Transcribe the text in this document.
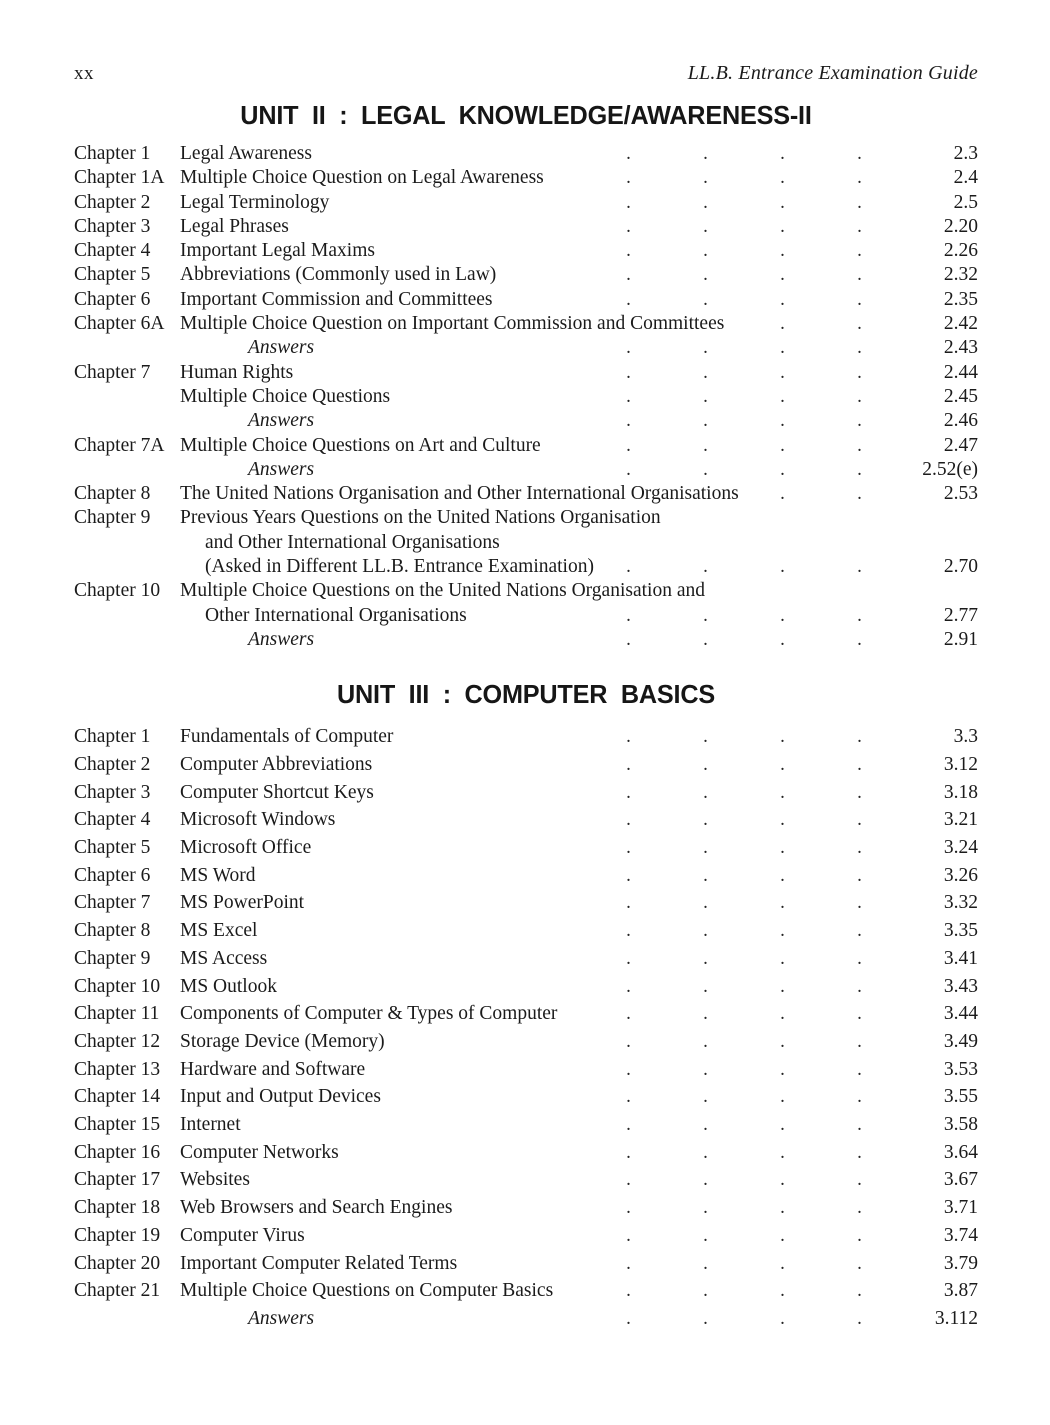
xx	LL.B. Entrance Examination Guide
UNIT II : LEGAL KNOWLEDGE/AWARENESS-II
Chapter 1	Legal Awareness	....	2.3
Chapter 1A Multiple Choice Question on Legal Awareness	....	2.4
Chapter 2	Legal Terminology	....	2.5
Chapter 3	Legal Phrases	....	2.20
Chapter 4	Important Legal Maxims	....	2.26
Chapter 5	Abbreviations (Commonly used in Law)	....	2.32
Chapter 6	Important Commission and Committees	....	2.35
Chapter 6A Multiple Choice Question on Important Commission and Committees	..	2.42
Answers	....	2.43
Chapter 7	Human Rights	....	2.44
Multiple Choice Questions	....	2.45
Answers	....	2.46
Chapter 7A Multiple Choice Questions on Art and Culture	....	2.47
Answers	....	2.52(e)
Chapter 8	The United Nations Organisation and Other International Organisations	..	2.53
Chapter 9	Previous Years Questions on the United Nations Organisation
and Other International Organisations
(Asked in Different LL.B. Entrance Examination)	....	2.70
Chapter 10	Multiple Choice Questions on the United Nations Organisation and
Other International Organisations	....	2.77
Answers	....	2.91
UNIT III : COMPUTER BASICS
Chapter 1	Fundamentals of Computer	....	3.3
Chapter 2	Computer Abbreviations	....	3.12
Chapter 3	Computer Shortcut Keys	....	3.18
Chapter 4	Microsoft Windows	....	3.21
Chapter 5	Microsoft Office	....	3.24
Chapter 6	MS Word	....	3.26
Chapter 7	MS PowerPoint	....	3.32
Chapter 8	MS Excel	....	3.35
Chapter 9	MS Access	....	3.41
Chapter 10	MS Outlook	....	3.43
Chapter 11	Components of Computer & Types of Computer	....	3.44
Chapter 12	Storage Device (Memory)	....	3.49
Chapter 13	Hardware and Software	....	3.53
Chapter 14	Input and Output Devices	....	3.55
Chapter 15	Internet	....	3.58
Chapter 16	Computer Networks	....	3.64
Chapter 17	Websites	....	3.67
Chapter 18	Web Browsers and Search Engines	....	3.71
Chapter 19	Computer Virus	....	3.74
Chapter 20	Important Computer Related Terms	....	3.79
Chapter 21	Multiple Choice Questions on Computer Basics	....	3.87
Answers	....	3.112
